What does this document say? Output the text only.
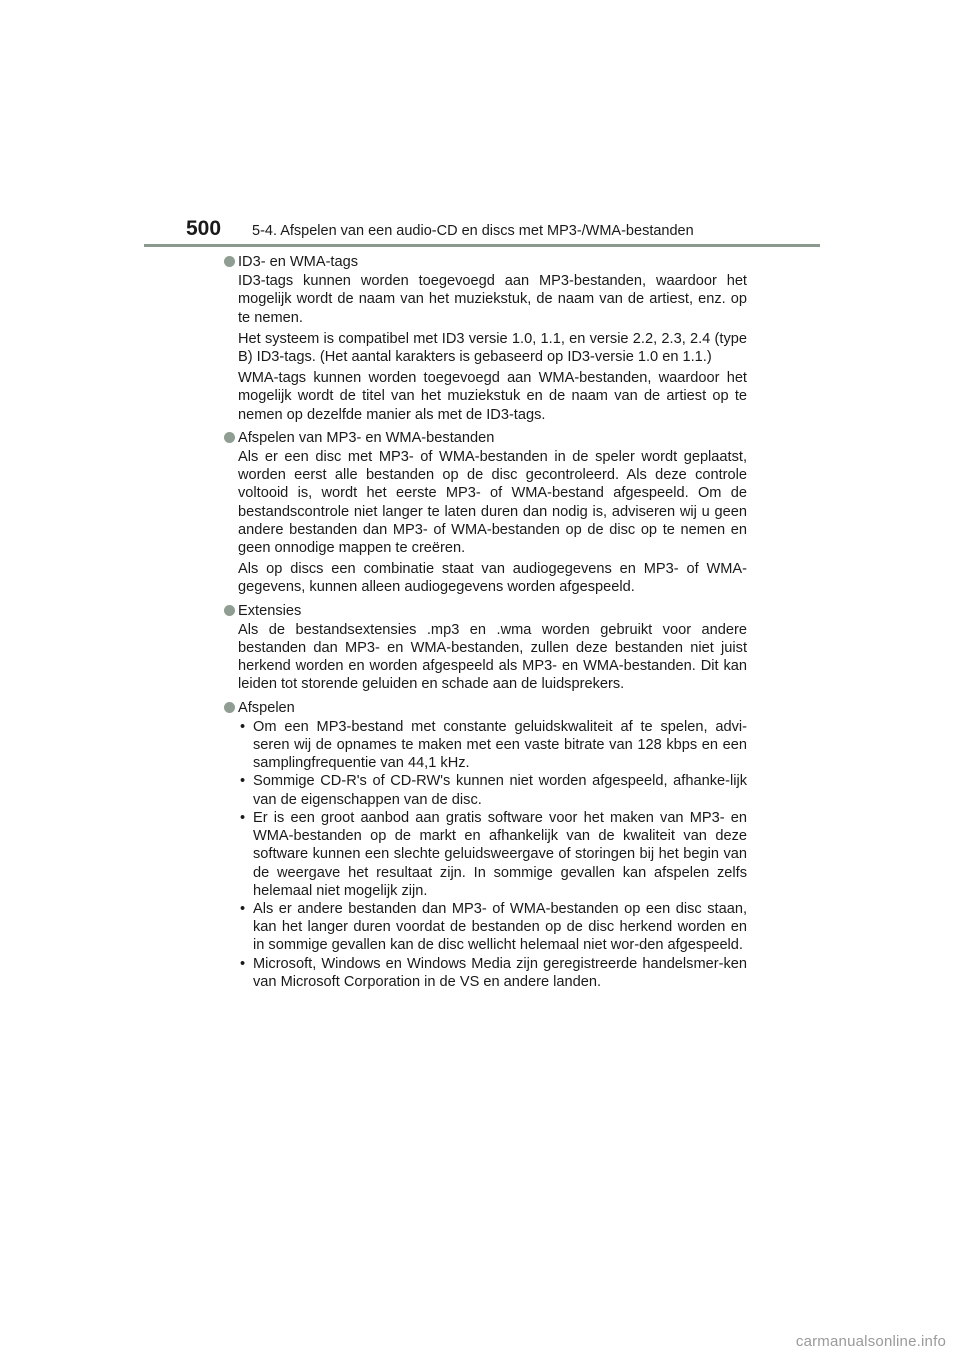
500 5-4. Afspelen van een audio-CD en discs met MP3-/WMA-bestanden
ID3- en WMA-tags

ID3-tags kunnen worden toegevoegd aan MP3-bestanden, waardoor het mogelijk wordt de naam van het muziekstuk, de naam van de artiest, enz. op te nemen.

Het systeem is compatibel met ID3 versie 1.0, 1.1, en versie 2.2, 2.3, 2.4 (type B) ID3-tags. (Het aantal karakters is gebaseerd op ID3-versie 1.0 en 1.1.)

WMA-tags kunnen worden toegevoegd aan WMA-bestanden, waardoor het mogelijk wordt de titel van het muziekstuk en de naam van de artiest op te nemen op dezelfde manier als met de ID3-tags.

Afspelen van MP3- en WMA-bestanden

Als er een disc met MP3- of WMA-bestanden in de speler wordt geplaatst, worden eerst alle bestanden op de disc gecontroleerd. Als deze controle voltooid is, wordt het eerste MP3- of WMA-bestand afgespeeld. Om de bestandscontrole niet langer te laten duren dan nodig is, adviseren wij u geen andere bestanden dan MP3- of WMA-bestanden op de disc op te nemen en geen onnodige mappen te creëren.

Als op discs een combinatie staat van audiogegevens en MP3- of WMA-gegevens, kunnen alleen audiogegevens worden afgespeeld.

Extensies

Als de bestandsextensies .mp3 en .wma worden gebruikt voor andere bestanden dan MP3- en WMA-bestanden, zullen deze bestanden niet juist herkend worden en worden afgespeeld als MP3- en WMA-bestanden. Dit kan leiden tot storende geluiden en schade aan de luidsprekers.

Afspelen
• Om een MP3-bestand met constante geluidskwaliteit af te spelen, advi-seren wij de opnames te maken met een vaste bitrate van 128 kbps en een samplingfrequentie van 44,1 kHz.
• Sommige CD-R's of CD-RW's kunnen niet worden afgespeeld, afhanke-lijk van de eigenschappen van de disc.
• Er is een groot aanbod aan gratis software voor het maken van MP3- en WMA-bestanden op de markt en afhankelijk van de kwaliteit van deze software kunnen een slechte geluidsweergave of storingen bij het begin van de weergave het resultaat zijn. In sommige gevallen kan afspelen zelfs helemaal niet mogelijk zijn.
• Als er andere bestanden dan MP3- of WMA-bestanden op een disc staan, kan het langer duren voordat de bestanden op de disc herkend worden en in sommige gevallen kan de disc wellicht helemaal niet wor-den afgespeeld.
• Microsoft, Windows en Windows Media zijn geregistreerde handelsmer-ken van Microsoft Corporation in de VS en andere landen.
carmanualsonline.info
